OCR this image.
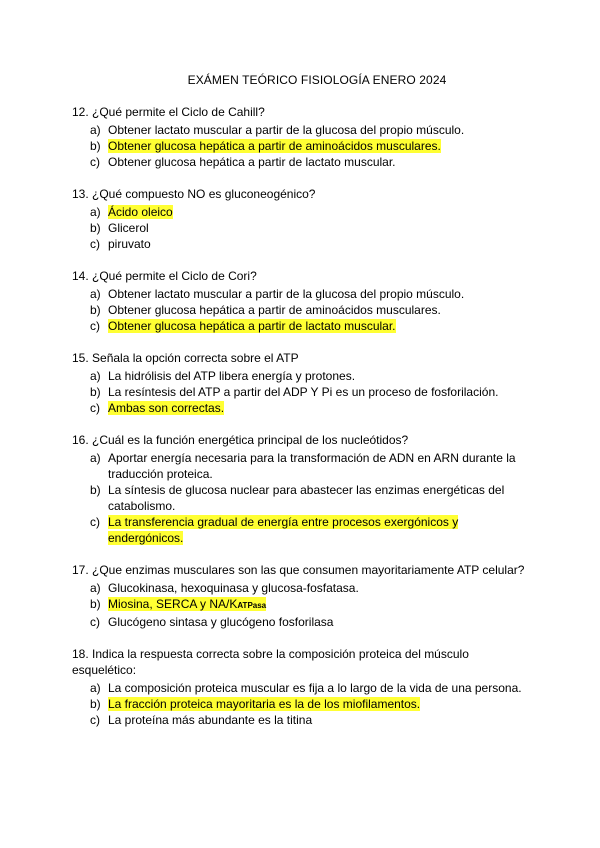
EXÁMEN TEÓRICO FISIOLOGÍA ENERO 2024
12. ¿Qué permite el Ciclo de Cahill?
a) Obtener lactato muscular a partir de la glucosa del propio músculo.
b) Obtener glucosa hepática a partir de aminoácidos musculares.
c) Obtener glucosa hepática a partir de lactato muscular.
13. ¿Qué compuesto NO es gluconeogénico?
a) Ácido oleico
b) Glicerol
c) piruvato
14. ¿Qué permite el Ciclo de Cori?
a) Obtener lactato muscular a partir de la glucosa del propio músculo.
b) Obtener glucosa hepática a partir de aminoácidos musculares.
c) Obtener glucosa hepática a partir de lactato muscular.
15. Señala la opción correcta sobre el ATP
a) La hidrólisis del ATP libera energía y protones.
b) La resíntesis del ATP a partir del ADP Y Pi es un proceso de fosforilación.
c) Ambas son correctas.
16. ¿Cuál es la función energética principal de los nucleótidos?
a) Aportar energía necesaria para la transformación de ADN en ARN durante la traducción proteica.
b) La síntesis de glucosa nuclear para abastecer las enzimas energéticas del catabolismo.
c) La transferencia gradual de energía entre procesos exergónicos y endergónicos.
17. ¿Que enzimas musculares son las que consumen mayoritariamente ATP celular?
a) Glucokinasa, hexoquinasa y glucosa-fosfatasa.
b) Miosina, SERCA y NA/KATPasa
c) Glucógeno sintasa y glucógeno fosforilasa
18. Indica la respuesta correcta sobre la composición proteica del músculo esquelético:
a) La composición proteica muscular es fija a lo largo de la vida de una persona.
b) La fracción proteica mayoritaria es la de los miofilamentos.
c) La proteína más abundante es la titina
